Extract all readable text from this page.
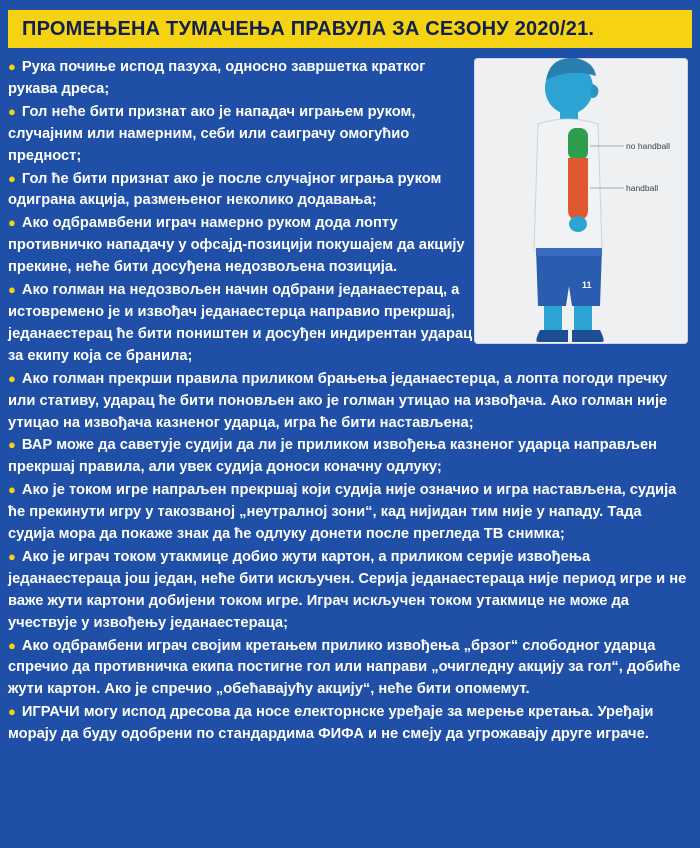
ПРОМЕЊЕНА ТУМАЧЕЊА ПРАВУЛА ЗА СЕЗОНУ 2020/21.
11
no handball
handball

● Рука почиње испод пазуха, односно завршетка кратког рукава дреса;

● Гол неће бити признат ако је нападач играњем руком, случајним или намерним, себи или саиграчу омогућио предност;

● Гол ће бити признат ако је после случајног играња руком одиграна акција, размењеног неколико додавања;

● Ако одбрамвбени играч намерно руком дода лопту противничко нападачу у офсајд-позицији покушајем да акцију прекине, неће бити досуђена недозвољена позиција.

● Ако голман на недозвољен начин одбрани једанаестерац, а истовремено је и извођач једанаестерца направио прекршај, једанаестерац ће бити поништен и досуђен индирентан ударац за екипу која се бранила;

● Ако голман прекрши правила приликом брањења једанаестерца, а лопта погоди пречку или стативу, ударац ће бити поновљен ако је голман утицао на извођача. Ако голман није утицао на извођача казненог ударца, игра ће бити настављена;

● ВАР може да саветује судији да ли је приликом извођења казненог ударца направљен прекршај правила, али увек судија доноси коначну одлуку;

● Ако је током игре напраљен прекршај који судија није означио и игра настављена, судија ће прекинути игру у такозваној „неутралној зони“, кад нијидан тим није у нападу. Тада судија мора да покаже знак да ће одлуку донети после прегледа ТВ снимка;

● Ако је играч током утакмице добио жути картон, а приликом серије извођења једанаестераца још један, неће бити искључен. Серија једанаестераца није период игре и не важе жути картони добијени током игре. Играч искључен током утакмице не може да учествује у извођењу једанаестераца;

● Ако одбрамбени играч својим кретањем прилико извођења „брзог“ слободног ударца спречио да противничка екипа постигне гол или направи „очигледну акцију за гол“, добиће жути картон. Ако је спречио „обећавајућу акцију“, неће бити опомемут.

● ИГРАЧИ могу испод дресова да носе електорнске уређаје за мерење кретања. Уређаји морају да буду одобрени по стандардима ФИФА и не смеју да угрожавају друге играче.
